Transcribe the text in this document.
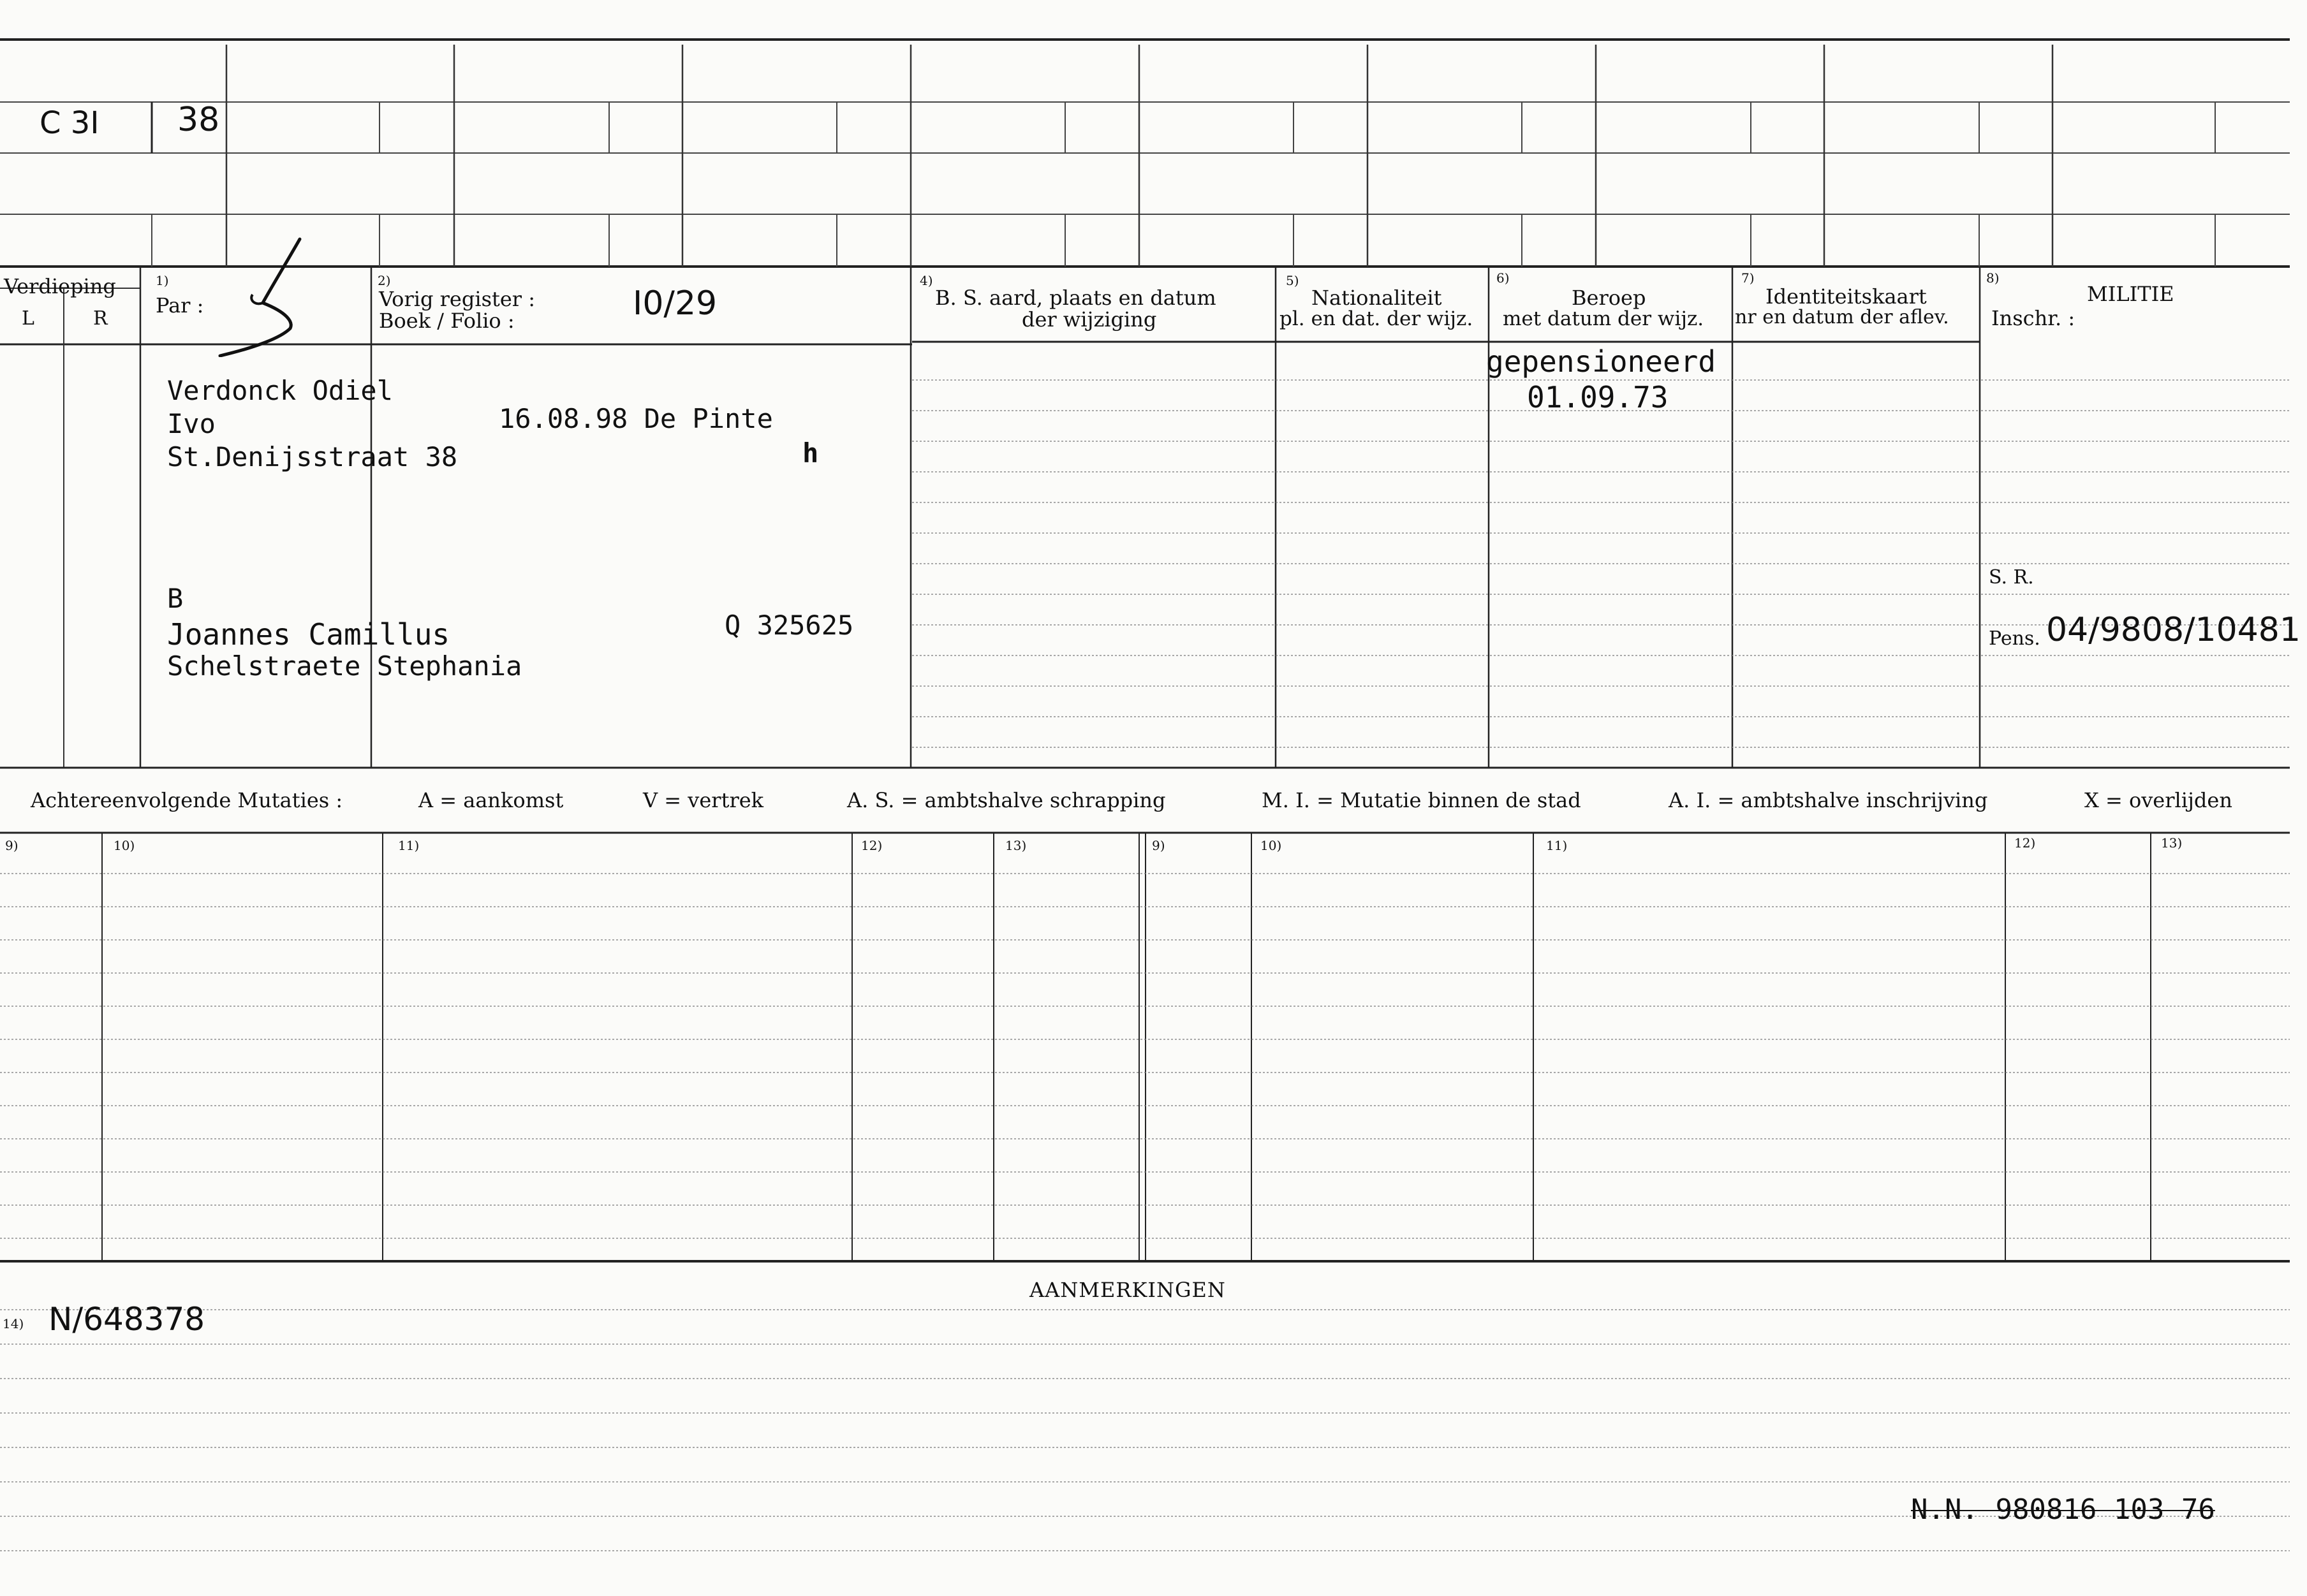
C 3I 38
Verdieping
L	R
1)
Par :
2)
Vorig register :
Boek / Folio :	I0/29
4)
B. S. aard, plaats en datum
der wijziging
5)
Nationaliteit
pl. en dat. der wijz.
6)
Beroep
met datum der wijz.
7)
Identiteitskaart
nr en datum der aflev.
8)
MILITIE
Inschr. :
Verdonck Odiel
Ivo	16.08.98 De Pinte
St.Denijsstraat 38	h
B
Joannes Camillus
Schelstraete Stephania
Q 325625
gepensioneerd
01.09.73
S. R.
Pens. 04/9808/10481
Achtereenvolgende Mutaties :	A = aankomst	V = vertrek	A. S. = ambtshalve schrapping	M. I. = Mutatie binnen de stad	A. I. = ambtshalve inschrijving	X = overlijden
9)	10)	11)	12)	13)	9)	10)	11)	12)	13)
AANMERKINGEN
14) N/648378
N.N. 980816 103 76
